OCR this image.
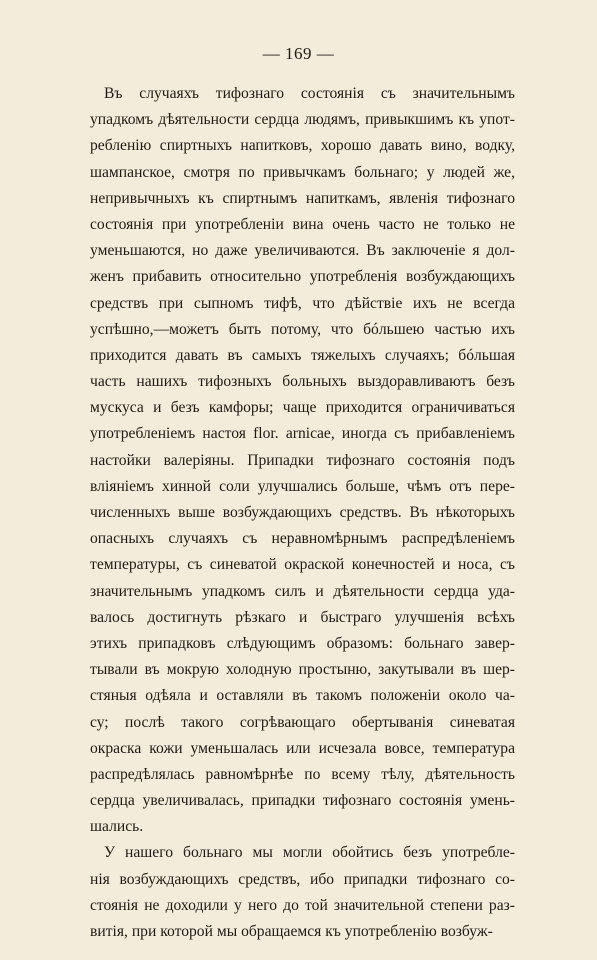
— 169 —
Въ случаяхъ тифознаго состоянія съ значительнымъ
упадкомъ дѣятельности сердца людямъ, привыкшимъ къ упот-
ребленію спиртныхъ напитковъ, хорошо давать вино, водку,
шампанское, смотря по привычкамъ больнаго; у людей же,
непривычныхъ къ спиртнымъ напиткамъ, явленія тифознаго
состоянія при употребленіи вина очень часто не только не
уменьшаются, но даже увеличиваются. Въ заключеніе я дол-
женъ прибавить относительно употребленія возбуждающихъ
средствъ при сыпномъ тифѣ, что дѣйствіе ихъ не всегда
успѣшно,—можетъ быть потому, что бóльшею частью ихъ
приходится давать въ самыхъ тяжелыхъ случаяхъ; бóльшая
часть нашихъ тифозныхъ больныхъ выздоравливаютъ безъ
мускуса и безъ камфоры; чаще приходится ограничиваться
употребленіемъ настоя flor. arnicae, иногда съ прибавленіемъ
настойки валеріяны. Припадки тифознаго состоянія подъ
вліяніемъ хинной соли улучшались больше, чѣмъ отъ пере-
численныхъ выше возбуждающихъ средствъ. Въ нѣкоторыхъ
опасныхъ случаяхъ съ неравномѣрнымъ распредѣленіемъ
температуры, съ синеватой окраской конечностей и носа, съ
значительнымъ упадкомъ силъ и дѣятельности сердца уда-
валось достигнуть рѣзкаго и быстраго улучшенія всѣхъ
этихъ припадковъ слѣдующимъ образомъ: больнаго завер-
тывали въ мокрую холодную простыню, закутывали въ шер-
стяныя одѣяла и оставляли въ такомъ положеніи около ча-
су; послѣ такого согрѣвающаго обертыванія синеватая
окраска кожи уменьшалась или исчезала вовсе, температура
распредѣлялась равномѣрнѣе по всему тѣлу, дѣятельность
сердца увеличивалась, припадки тифознаго состоянія умень-
шались.
У нашего больнаго мы могли обойтись безъ употребле-
нія возбуждающихъ средствъ, ибо припадки тифознаго со-
стоянія не доходили у него до той значительной степени раз-
витія, при которой мы обращаемся къ употребленію возбуж-
